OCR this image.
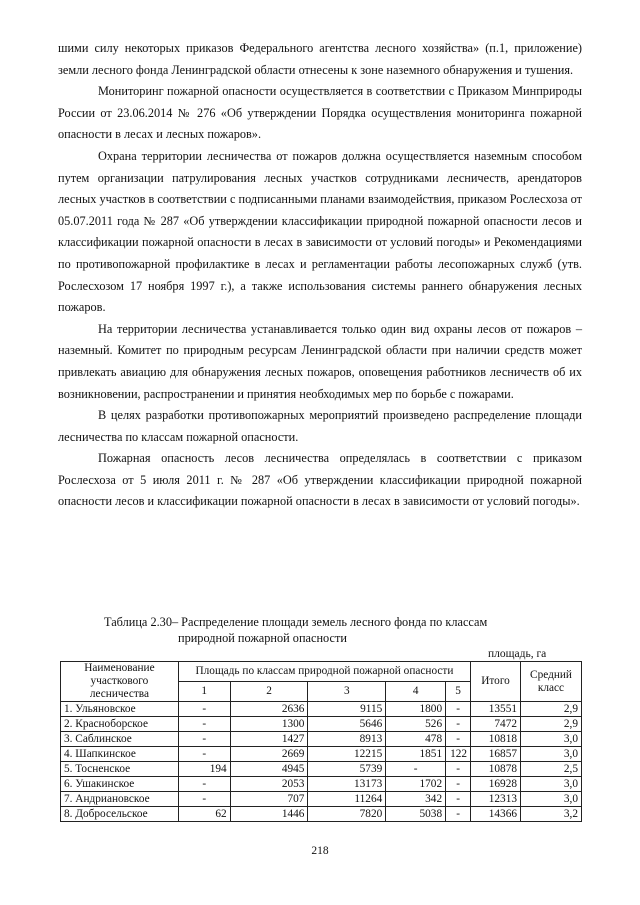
шими силу некоторых приказов Федерального агентства лесного хозяйства» (п.1, приложение) земли лесного фонда Ленинградской области отнесены к зоне наземного обнаружения и тушения.

Мониторинг пожарной опасности осуществляется в соответствии с Приказом Минприроды России от 23.06.2014 № 276 «Об утверждении Порядка осуществления мониторинга пожарной опасности в лесах и лесных пожаров».

Охрана территории лесничества от пожаров должна осуществляется наземным способом путем организации патрулирования лесных участков сотрудниками лесничеств, арендаторов лесных участков в соответствии с подписанными планами взаимодействия, приказом Рослесхоза от 05.07.2011 года № 287 «Об утверждении классификации природной пожарной опасности лесов и классификации пожарной опасности в лесах в зависимости от условий погоды» и Рекомендациями по противопожарной профилактике в лесах и регламентации работы лесопожарных служб (утв. Рослесхозом 17 ноября 1997 г.), а также использования системы раннего обнаружения лесных пожаров.

На территории лесничества устанавливается только один вид охраны лесов от пожаров – наземный. Комитет по природным ресурсам Ленинградской области при наличии средств может привлекать авиацию для обнаружения лесных пожаров, оповещения работников лесничеств об их возникновении, распространении и принятия необходимых мер по борьбе с пожарами.

В целях разработки противопожарных мероприятий произведено распределение площади лесничества по классам пожарной опасности.

Пожарная опасность лесов лесничества определялась в соответствии с приказом Рослесхоза от 5 июля 2011 г. № 287 «Об утверждении классификации природной пожарной опасности лесов и классификации пожарной опасности в лесах в зависимости от условий погоды».

Таблица 2.30– Распределение площади земель лесного фонда по классам
природной пожарной опасности
площадь, га
Наименование участкового лесничества	Площадь по классам природной пожарной опасности					Итого	Средний класс
	1	2	3	4	5		
1. Ульяновское	-	2636	9115	1800	-	13551	2,9
2. Красноборское	-	1300	5646	526	-	7472	2,9
3. Саблинское	-	1427	8913	478	-	10818	3,0
4. Шапкинское	-	2669	12215	1851	122	16857	3,0
5. Тосненское	194	4945	5739	-	-	10878	2,5
6. Ушакинское	-	2053	13173	1702	-	16928	3,0
7. Андриановское	-	707	11264	342	-	12313	3,0
8. Добросельское	62	1446	7820	5038	-	14366	3,2
218
